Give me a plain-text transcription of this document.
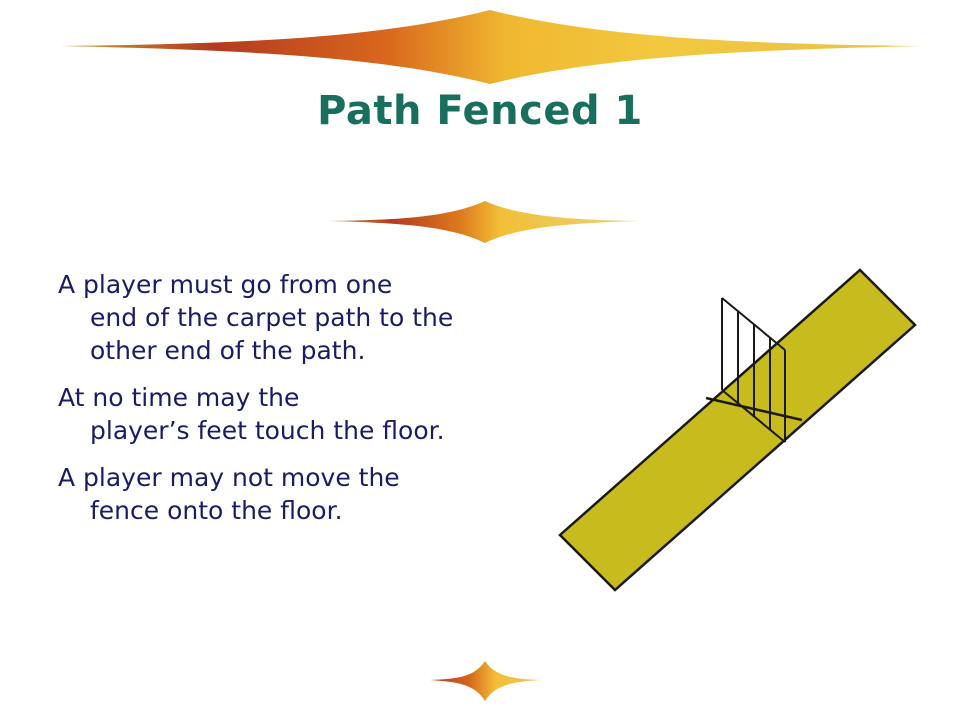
Path Fenced 1

A player must go from one
end of the carpet path to the other end of the path.

At no time may the
player’s feet touch the floor.

A player may not move the
fence onto the floor.
